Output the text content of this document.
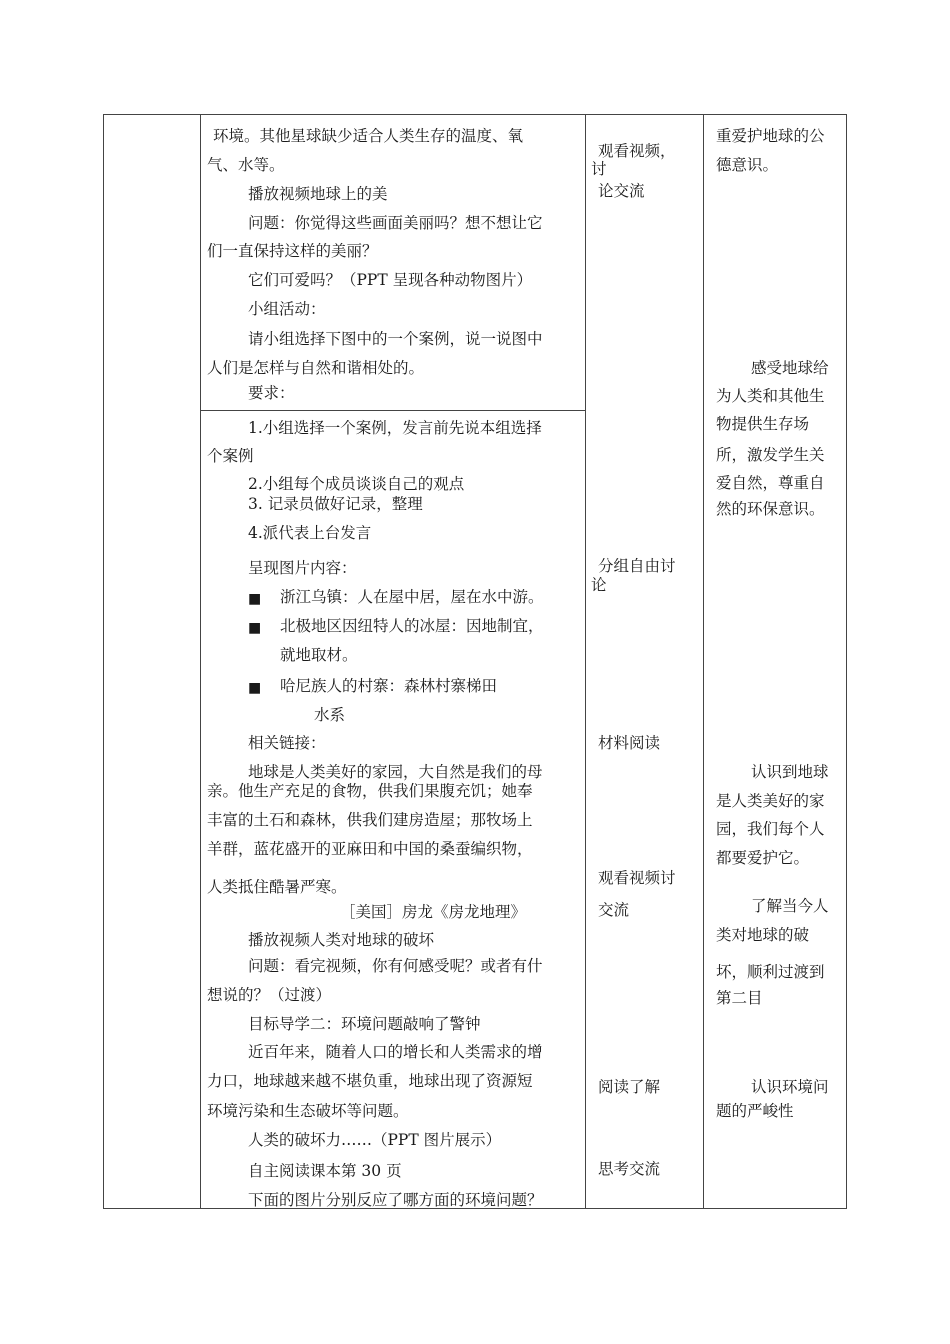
环境。其他星球缺少适合人类生存的温度、氧
气、水等。
播放视频地球上的美
问题：你觉得这些画面美丽吗？想不想让它
们一直保持这样的美丽？
它们可爱吗？（PPT 呈现各种动物图片）
小组活动：
请小组选择下图中的一个案例，说一说图中
人们是怎样与自然和谐相处的。
要求：
1.小组选择一个案例，发言前先说本组选择
个案例
2.小组每个成员谈谈自己的观点
3. 记录员做好记录，整理
4.派代表上台发言
呈现图片内容：
■ 浙江乌镇：人在屋中居，屋在水中游。
■ 北极地区因纽特人的冰屋：因地制宜，
就地取材。
■ 哈尼族人的村寨：森林村寨梯田
水系
相关链接：
地球是人类美好的家园，大自然是我们的母
亲。他生产充足的食物，供我们果腹充饥；她奉
丰富的土石和森林，供我们建房造屋；那牧场上
羊群，蓝花盛开的亚麻田和中国的桑蚕编织物，
人类抵住酷暑严寒。
［美国］房龙《房龙地理》
播放视频人类对地球的破坏
问题：看完视频，你有何感受呢？或者有什
想说的？（过渡）
目标导学二：环境问题敲响了警钟
近百年来，随着人口的增长和人类需求的增
力口，地球越来越不堪负重，地球出现了资源短
环境污染和生态破坏等问题。
人类的破坏力……（PPT 图片展示）
自主阅读课本第 30 页
下面的图片分别反应了哪方面的环境问题？
观看视频，
讨
论交流
分组自由讨
论
材料阅读
观看视频讨
交流
阅读了解
思考交流
重爱护地球的公
德意识。
感受地球给
为人类和其他生
物提供生存场
所，激发学生关
爱自然，尊重自
然的环保意识。
认识到地球
是人类美好的家
园，我们每个人
都要爱护它。
了解当今人
类对地球的破
坏，顺利过渡到
第二目
认识环境问
题的严峻性
